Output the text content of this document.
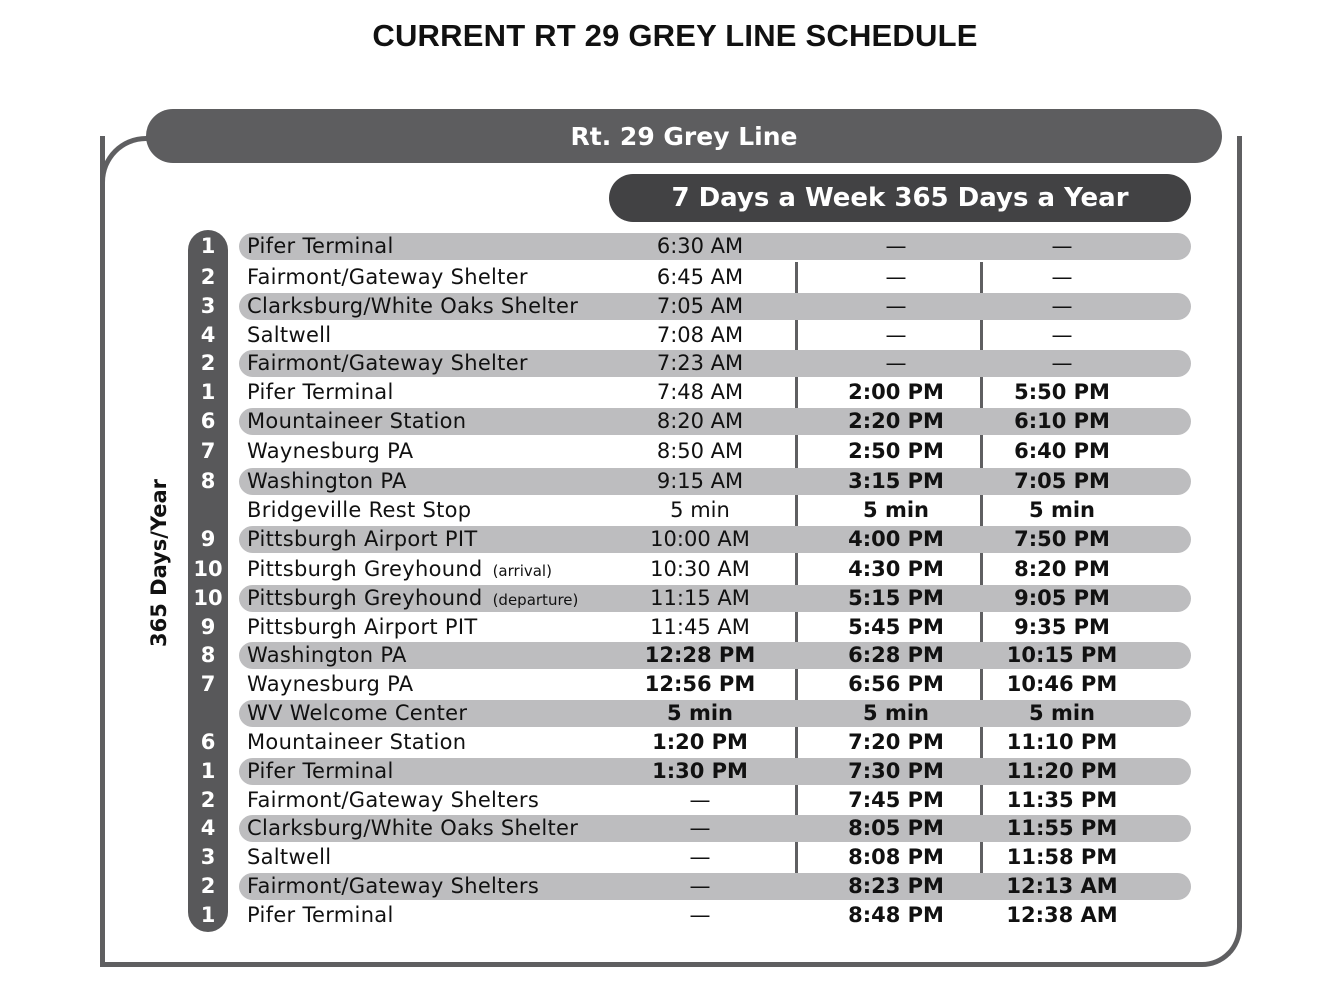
CURRENT RT 29 GREY LINE SCHEDULE
Rt. 29 Grey Line
7 Days a Week 365 Days a Year
365 Days/Year
1	Pifer Terminal	6:30 AM	—	—
2	Fairmont/Gateway Shelter	6:45 AM	—	—
3	Clarksburg/White Oaks Shelter	7:05 AM	—	—
4	Saltwell	7:08 AM	—	—
2	Fairmont/Gateway Shelter	7:23 AM	—	—
1	Pifer Terminal	7:48 AM	2:00 PM	5:50 PM
6	Mountaineer Station	8:20 AM	2:20 PM	6:10 PM
7	Waynesburg PA	8:50 AM	2:50 PM	6:40 PM
8	Washington PA	9:15 AM	3:15 PM	7:05 PM
Bridgeville Rest Stop	5 min	5 min	5 min
9	Pittsburgh Airport PIT	10:00 AM	4:00 PM	7:50 PM
10 Pittsburgh Greyhound (arrival)	10:30 AM	4:30 PM	8:20 PM
10 Pittsburgh Greyhound (departure)	11:15 AM	5:15 PM	9:05 PM
9	Pittsburgh Airport PIT	11:45 AM	5:45 PM	9:35 PM
8	Washington PA	12:28 PM	6:28 PM	10:15 PM
7	Waynesburg PA	12:56 PM	6:56 PM	10:46 PM
WV Welcome Center	5 min	5 min	5 min
6	Mountaineer Station	1:20 PM	7:20 PM	11:10 PM
1	Pifer Terminal	1:30 PM	7:30 PM	11:20 PM
2	Fairmont/Gateway Shelters	—	7:45 PM	11:35 PM
4	Clarksburg/White Oaks Shelter	—	8:05 PM	11:55 PM
3	Saltwell	—	8:08 PM	11:58 PM
2	Fairmont/Gateway Shelters	—	8:23 PM	12:13 AM
1	Pifer Terminal	—	8:48 PM	12:38 AM
